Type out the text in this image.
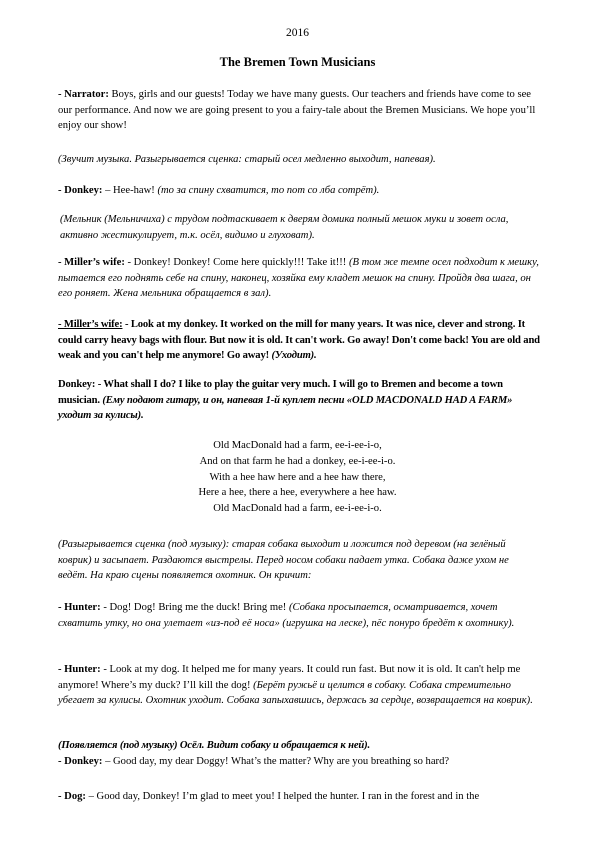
2016
The Bremen Town Musicians

- Narrator: Boys, girls and our guests! Today we have many guests. Our teachers and friends have come to see our performance. And now we are going present to you a fairy-tale about the Bremen Musicians. We hope you’ll enjoy our show!

(Звучит музыка. Разыгрывается сценка: старый осел медленно выходит, напевая).

- Donkey: – Hee-haw! (то за спину схватится, то пот со лба сотрёт).

(Мельник (Мельничиха) с трудом подтаскивает к дверям домика полный мешок муки и зовет осла, активно жестикулирует, т.к. осёл, видимо и глуховат).

- Miller’s wife: - Donkey! Donkey! Come here quickly!!! Take it!!! (В том же темпе осел подходит к мешку, пытается его поднять себе на спину, наконец, хозяйка ему кладет мешок на спину. Пройдя два шага, он его роняет. Жена мельника обращается в зал).

- Miller’s wife: - Look at my donkey. It worked on the mill for many years. It was nice, clever and strong. It could carry heavy bags with flour. But now it is old. It can't work. Go away! Don't come back! You are old and weak and you can't help me anymore! Go away! (Уходит).

Donkey: - What shall I do? I like to play the guitar very much. I will go to Bremen and become a town musician. (Ему подают гитару, и он, напевая 1-й куплет песни «OLD MACDONALD HAD A FARM» уходит за кулисы).

Old MacDonald had a farm, ee-i-ee-i-o,
And on that farm he had a donkey, ee-i-ee-i-o.
With a hee haw here and a hee haw there,
Here a hee, there a hee, everywhere a hee haw.
Old MacDonald had a farm, ee-i-ee-i-o.

(Разыгрывается сценка (под музыку): старая собака выходит и ложится под деревом (на зелёный коврик) и засыпает. Раздаются выстрелы. Перед носом собаки падает утка. Собака даже ухом не ведёт. На краю сцены появляется охотник. Он кричит:

- Hunter: - Dog! Dog! Bring me the duck! Bring me! (Собака просыпается, осматривается, хочет схватить утку, но она улетает «из-под её носа» (игрушка на леске), пёс понуро бредёт к охотнику).

- Hunter: - Look at my dog. It helped me for many years. It could run fast. But now it is old. It can't help me anymore! Where’s my duck? I’ll kill the dog! (Берёт ружьё и целится в собаку. Собака стремительно убегает за кулисы. Охотник уходит. Собака запыхавшись, держась за сердце, возвращается на коврик).

(Появляется (под музыку) Осёл. Видит собаку и обращается к ней).

- Donkey: – Good day, my dear Doggy! What’s the matter? Why are you breathing so hard?

- Dog: – Good day, Donkey! I’m glad to meet you! I helped the hunter. I ran in the forest and in the
